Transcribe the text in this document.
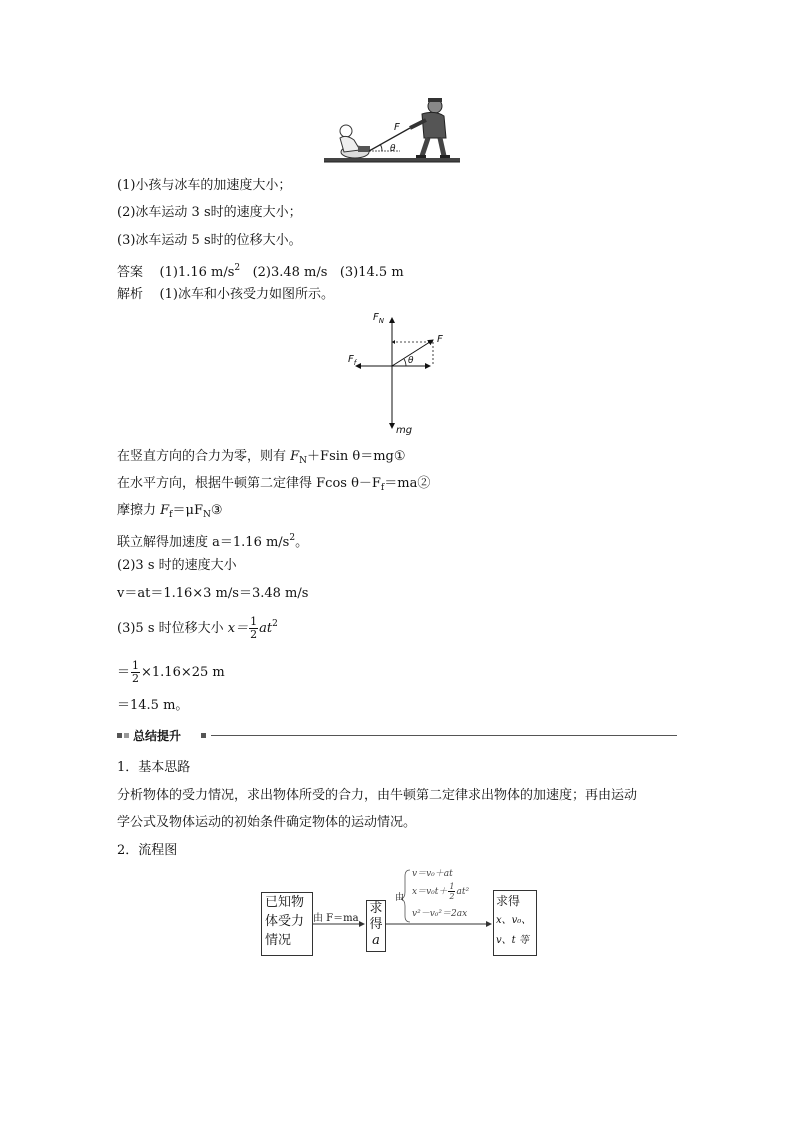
F
θ
(1)小孩与冰车的加速度大小；
(2)冰车运动 3 s时的速度大小；
(3)冰车运动 5 s时的位移大小。
答案 (1)1.16 $m/s^2$ (2)3.48 m/s (3)14.5 m
解析 (1)冰车和小孩受力如图所示。
$F_N$
F
$F_f$	θ
mg
在竖直方向的合力为零，则有 $F_N+Fsin$ θ＝mg①
在水平方向，根据牛顿第二定律得 Fcos $\theta-F_f=ma②$
摩擦力 $F_f=\mu F_N③$
联立解得加速度 a＝1.16 $m/s^2$。
(2)3 s 时的速度大小
v＝at＝1.16×3 m/s＝3.48 m/s
(3)5 s 时位移大小 $x= \frac{1}{2} at^2$
＝ $\frac{1}{2} \times 1.16\times 25$ m
＝14.5 m。
总结提升
1．基本思路
分析物体的受力情况，求出物体所受的合力，由牛顿第二定律求出物体的加速度；再由运动
学公式及物体运动的初始条件确定物体的运动情况。
2．流程图
已知物
体受力
情况
由 F＝ma
求
得
a
由
v＝v₀＋at
$x=v_0t+ \frac{1}{2} at^2$
v²－v₀²＝2ax
求得
x、v₀、
v、t 等
